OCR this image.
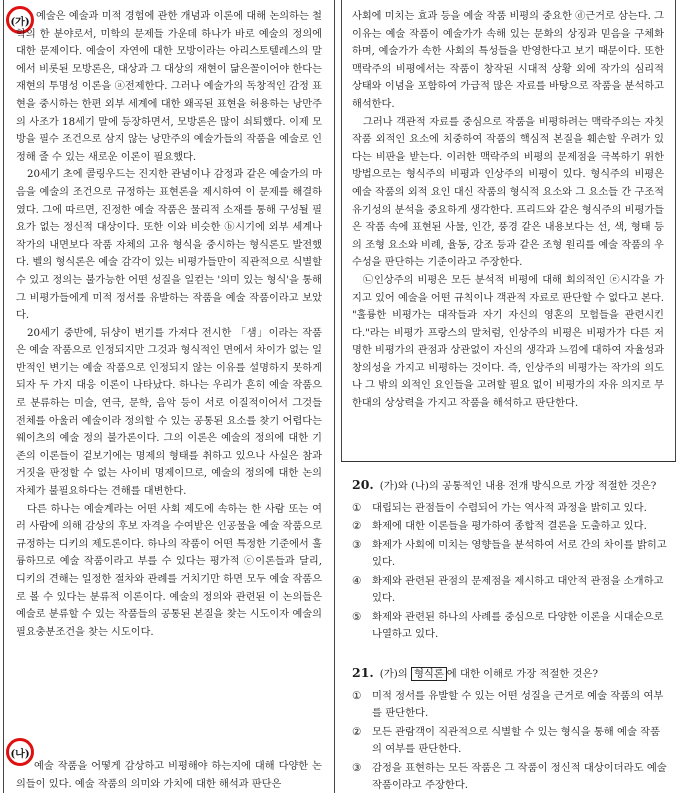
(가) 예술은 예술과 미적 경험에 관한 개념과 이론에 대해 논의하는 철학의 한 분야로서, 미학의 문제들 가운데 하나가 바로 예술의 정의에 대한 문제이다. 예술이 자연에 대한 모방이라는 아리스토텔레스의 말에서 비롯된 모방론은, 대상과 그 대상의 재현이 닮은꼴이어야 한다는 재현의 투명성 이론을 ⓐ전제한다. 그러나 예술가의 독창적인 감정 표현을 중시하는 한편 외부 세계에 대한 왜곡된 표현을 허용하는 낭만주의 사조가 18세기 말에 등장하면서, 모방론은 많이 쇠퇴했다. 이제 모방을 필수 조건으로 삼지 않는 낭만주의 예술가들의 작품을 예술로 인정해 줄 수 있는 새로운 이론이 필요했다.

20세기 초에 콜링우드는 진지한 관념이나 감정과 같은 예술가의 마음을 예술의 조건으로 규정하는 표현론을 제시하여 이 문제를 해결하였다. 그에 따르면, 진정한 예술 작품은 물리적 소재를 통해 구성될 필요가 없는 정신적 대상이다. 또한 이와 비슷한 ⓑ시기에 외부 세계나 작가의 내면보다 작품 자체의 고유 형식을 중시하는 형식론도 발전했다. 벨의 형식론은 예술 감각이 있는 비평가들만이 직관적으로 식별할 수 있고 정의는 불가능한 어떤 성질을 일컫는 '의미 있는 형식'을 통해 그 비평가들에게 미적 정서를 유발하는 작품을 예술 작품이라고 보았다.

20세기 중반에, 뒤샹이 변기를 가져다 전시한 「샘」이라는 작품은 예술 작품으로 인정되지만 그것과 형식적인 면에서 차이가 없는 일반적인 변기는 예술 작품으로 인정되지 않는 이유를 설명하지 못하게 되자 두 가지 대응 이론이 나타났다. 하나는 우리가 흔히 예술 작품으로 분류하는 미술, 연극, 문학, 음악 등이 서로 이질적이어서 그것들 전체를 아울러 예술이라 정의할 수 있는 공통된 요소를 찾기 어렵다는 웨이츠의 예술 정의 불가론이다. 그의 이론은 예술의 정의에 대한 기존의 이론들이 겉보기에는 명제의 형태를 취하고 있으나 사실은 참과 거짓을 판정할 수 없는 사이비 명제이므로, 예술의 정의에 대한 논의 자체가 불필요하다는 견해를 대변한다.

다른 하나는 예술계라는 어떤 사회 제도에 속하는 한 사람 또는 여러 사람에 의해 감상의 후보 자격을 수여받은 인공물을 예술 작품으로 규정하는 디키의 제도론이다. 하나의 작품이 어떤 특정한 기준에서 훌륭하므로 예술 작품이라고 부를 수 있다는 평가적 ⓒ이론들과 달리, 디키의 견해는 일정한 절차와 관례를 거치기만 하면 모두 예술 작품으로 볼 수 있다는 분류적 이론이다. 예술의 정의와 관련된 이 논의들은 예술로 분류할 수 있는 작품들의 공통된 본질을 찾는 시도이자 예술의 필요충분조건을 찾는 시도이다.

(나)

예술 작품을 어떻게 감상하고 비평해야 하는지에 대해 다양한 논의들이 있다. 예술 작품의 의미와 가치에 대한 해석과 판단은

사회에 미치는 효과 등을 예술 작품 비평의 중요한 ⓓ근거로 삼는다. 그 이유는 예술 작품이 예술가가 속해 있는 문화의 상징과 믿음을 구체화하며, 예술가가 속한 사회의 특성들을 반영한다고 보기 때문이다. 또한 맥락주의 비평에서는 작품이 창작된 시대적 상황 외에 작가의 심리적 상태와 이념을 포함하여 가급적 많은 자료를 바탕으로 작품을 분석하고 해석한다.

그러나 객관적 자료를 중심으로 작품을 비평하려는 맥락주의는 자칫 작품 외적인 요소에 치중하여 작품의 핵심적 본질을 훼손할 우려가 있다는 비판을 받는다. 이러한 맥락주의 비평의 문제점을 극복하기 위한 방법으로는 형식주의 비평과 인상주의 비평이 있다. 형식주의 비평은 예술 작품의 외적 요인 대신 작품의 형식적 요소와 그 요소들 간 구조적 유기성의 분석을 중요하게 생각한다. 프리드와 같은 형식주의 비평가들은 작품 속에 표현된 사물, 인간, 풍경 같은 내용보다는 선, 색, 형태 등의 조형 요소와 비례, 율동, 강조 등과 같은 조형 원리를 예술 작품의 우수성을 판단하는 기준이라고 주장한다.

㉡인상주의 비평은 모든 분석적 비평에 대해 회의적인 ⓔ시각을 가지고 있어 예술을 어떤 규칙이나 객관적 자료로 판단할 수 없다고 본다. "훌륭한 비평가는 대작들과 자기 자신의 영혼의 모험들을 관련시킨다."라는 비평가 프랑스의 말처럼, 인상주의 비평은 비평가가 다른 저명한 비평가의 관점과 상관없이 자신의 생각과 느낌에 대하여 자율성과 창의성을 가지고 비평하는 것이다. 즉, 인상주의 비평가는 작가의 의도나 그 밖의 외적인 요인들을 고려할 필요 없이 비평가의 자유 의지로 무한대의 상상력을 가지고 작품을 해석하고 판단한다.

20. (가)와 (나)의 공통적인 내용 전개 방식으로 가장 적절한 것은?
① 대립되는 관점들이 수렴되어 가는 역사적 과정을 밝히고 있다.
② 화제에 대한 이론들을 평가하여 종합적 결론을 도출하고 있다.
③ 화제가 사회에 미치는 영향들을 분석하여 서로 간의 차이를 밝히고 있다.
④ 화제와 관련된 관점의 문제점을 제시하고 대안적 관점을 소개하고 있다.
⑤ 화제와 관련된 하나의 사례를 중심으로 다양한 이론을 시대순으로 나열하고 있다.
21. (가)의 형식론 에 대한 이해로 가장 적절한 것은?
① 미적 정서를 유발할 수 있는 어떤 성질을 근거로 예술 작품의 여부를 판단한다.
② 모든 관람객이 직관적으로 식별할 수 있는 형식을 통해 예술 작품의 여부를 판단한다.
③ 감정을 표현하는 모든 작품은 그 작품이 정신적 대상이더라도 예술 작품이라고 주장한다.
